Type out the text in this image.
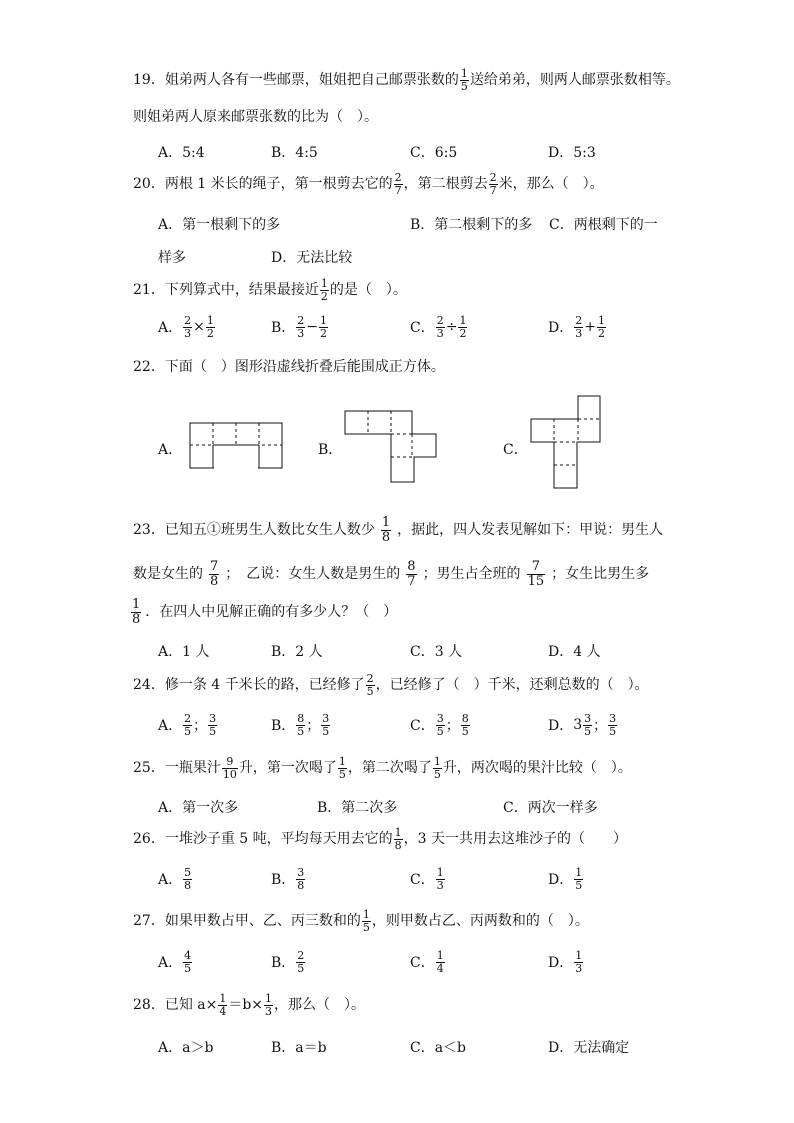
19．姐弟两人各有一些邮票，姐姐把自己邮票张数的 $\frac{1}{5}$ 送给弟弟，则两人邮票张数相等。
则姐弟两人原来邮票张数的比为（　）。
A．5:4	B．4:5	C．6:5	D．5:3
20．两根 1 米长的绳子，第一根剪去它的 $\frac{2}{7}$ ，第二根剪去 $\frac{2}{7}$ 米，那么（　）。
A．第一根剩下的多	B．第二根剩下的多 C．两根剩下的一
样多	D．无法比较
21．下列算式中，结果最接近 $\frac{1}{2}$ 的是（　）。
A． $\frac{2}{3} \times \frac{1}{2}$	B． $\frac{2}{3} - \frac{1}{2}$	C． $\frac{2}{3} \div \frac{1}{2}$	D． $\frac{2}{3} + \frac{1}{2}$
22．下面（　）图形沿虚线折叠后能围成正方体。
A．	B．	C．
23．已知五①班男生人数比女生人数少 $\frac{1}{8}$ ，据此，四人发表见解如下：甲说：男生人
数是女生的 $\frac{7}{8}$ ；　乙说：女生人数是男生的 $\frac{8}{7}$ ；男生占全班的 $\frac{7}{15}$ ；女生比男生多
$\frac{1}{8}$ ．在四人中见解正确的有多少人？（　）
A．1 人	B．2 人	C．3 人	D．4 人
24．修一条 4 千米长的路，已经修了 $\frac{2}{5}$ ，已经修了（　）千米，还剩总数的（　）。
A． $\frac{2}{5}$ ； $\frac{3}{5}$	B． $\frac{8}{5}$ ； $\frac{3}{5}$	C． $\frac{3}{5}$ ； $\frac{8}{5}$	D． $3 \frac{3}{5}$ ； $\frac{3}{5}$
25．一瓶果汁 $\frac{9}{10}$ 升，第一次喝了 $\frac{1}{5}$ ，第二次喝了 $\frac{1}{5}$ 升，两次喝的果汁比较（　）。
A．第一次多	B．第二次多	C．两次一样多
26．一堆沙子重 5 吨，平均每天用去它的 $\frac{1}{8}$ ，3 天一共用去这堆沙子的（　　）
A． $\frac{5}{8}$	B． $\frac{3}{8}$	C． $\frac{1}{3}$	D． $\frac{1}{5}$
27．如果甲数占甲、乙、丙三数和的 $\frac{1}{5}$ ，则甲数占乙、丙两数和的（　）。
A． $\frac{4}{5}$	B． $\frac{2}{5}$	C． $\frac{1}{4}$	D． $\frac{1}{3}$
28．已知 $a\times \frac{1}{4} =b\times \frac{1}{3}$ ，那么（　）。
A．a＞b	B．a＝b	C．a＜b	D．无法确定
